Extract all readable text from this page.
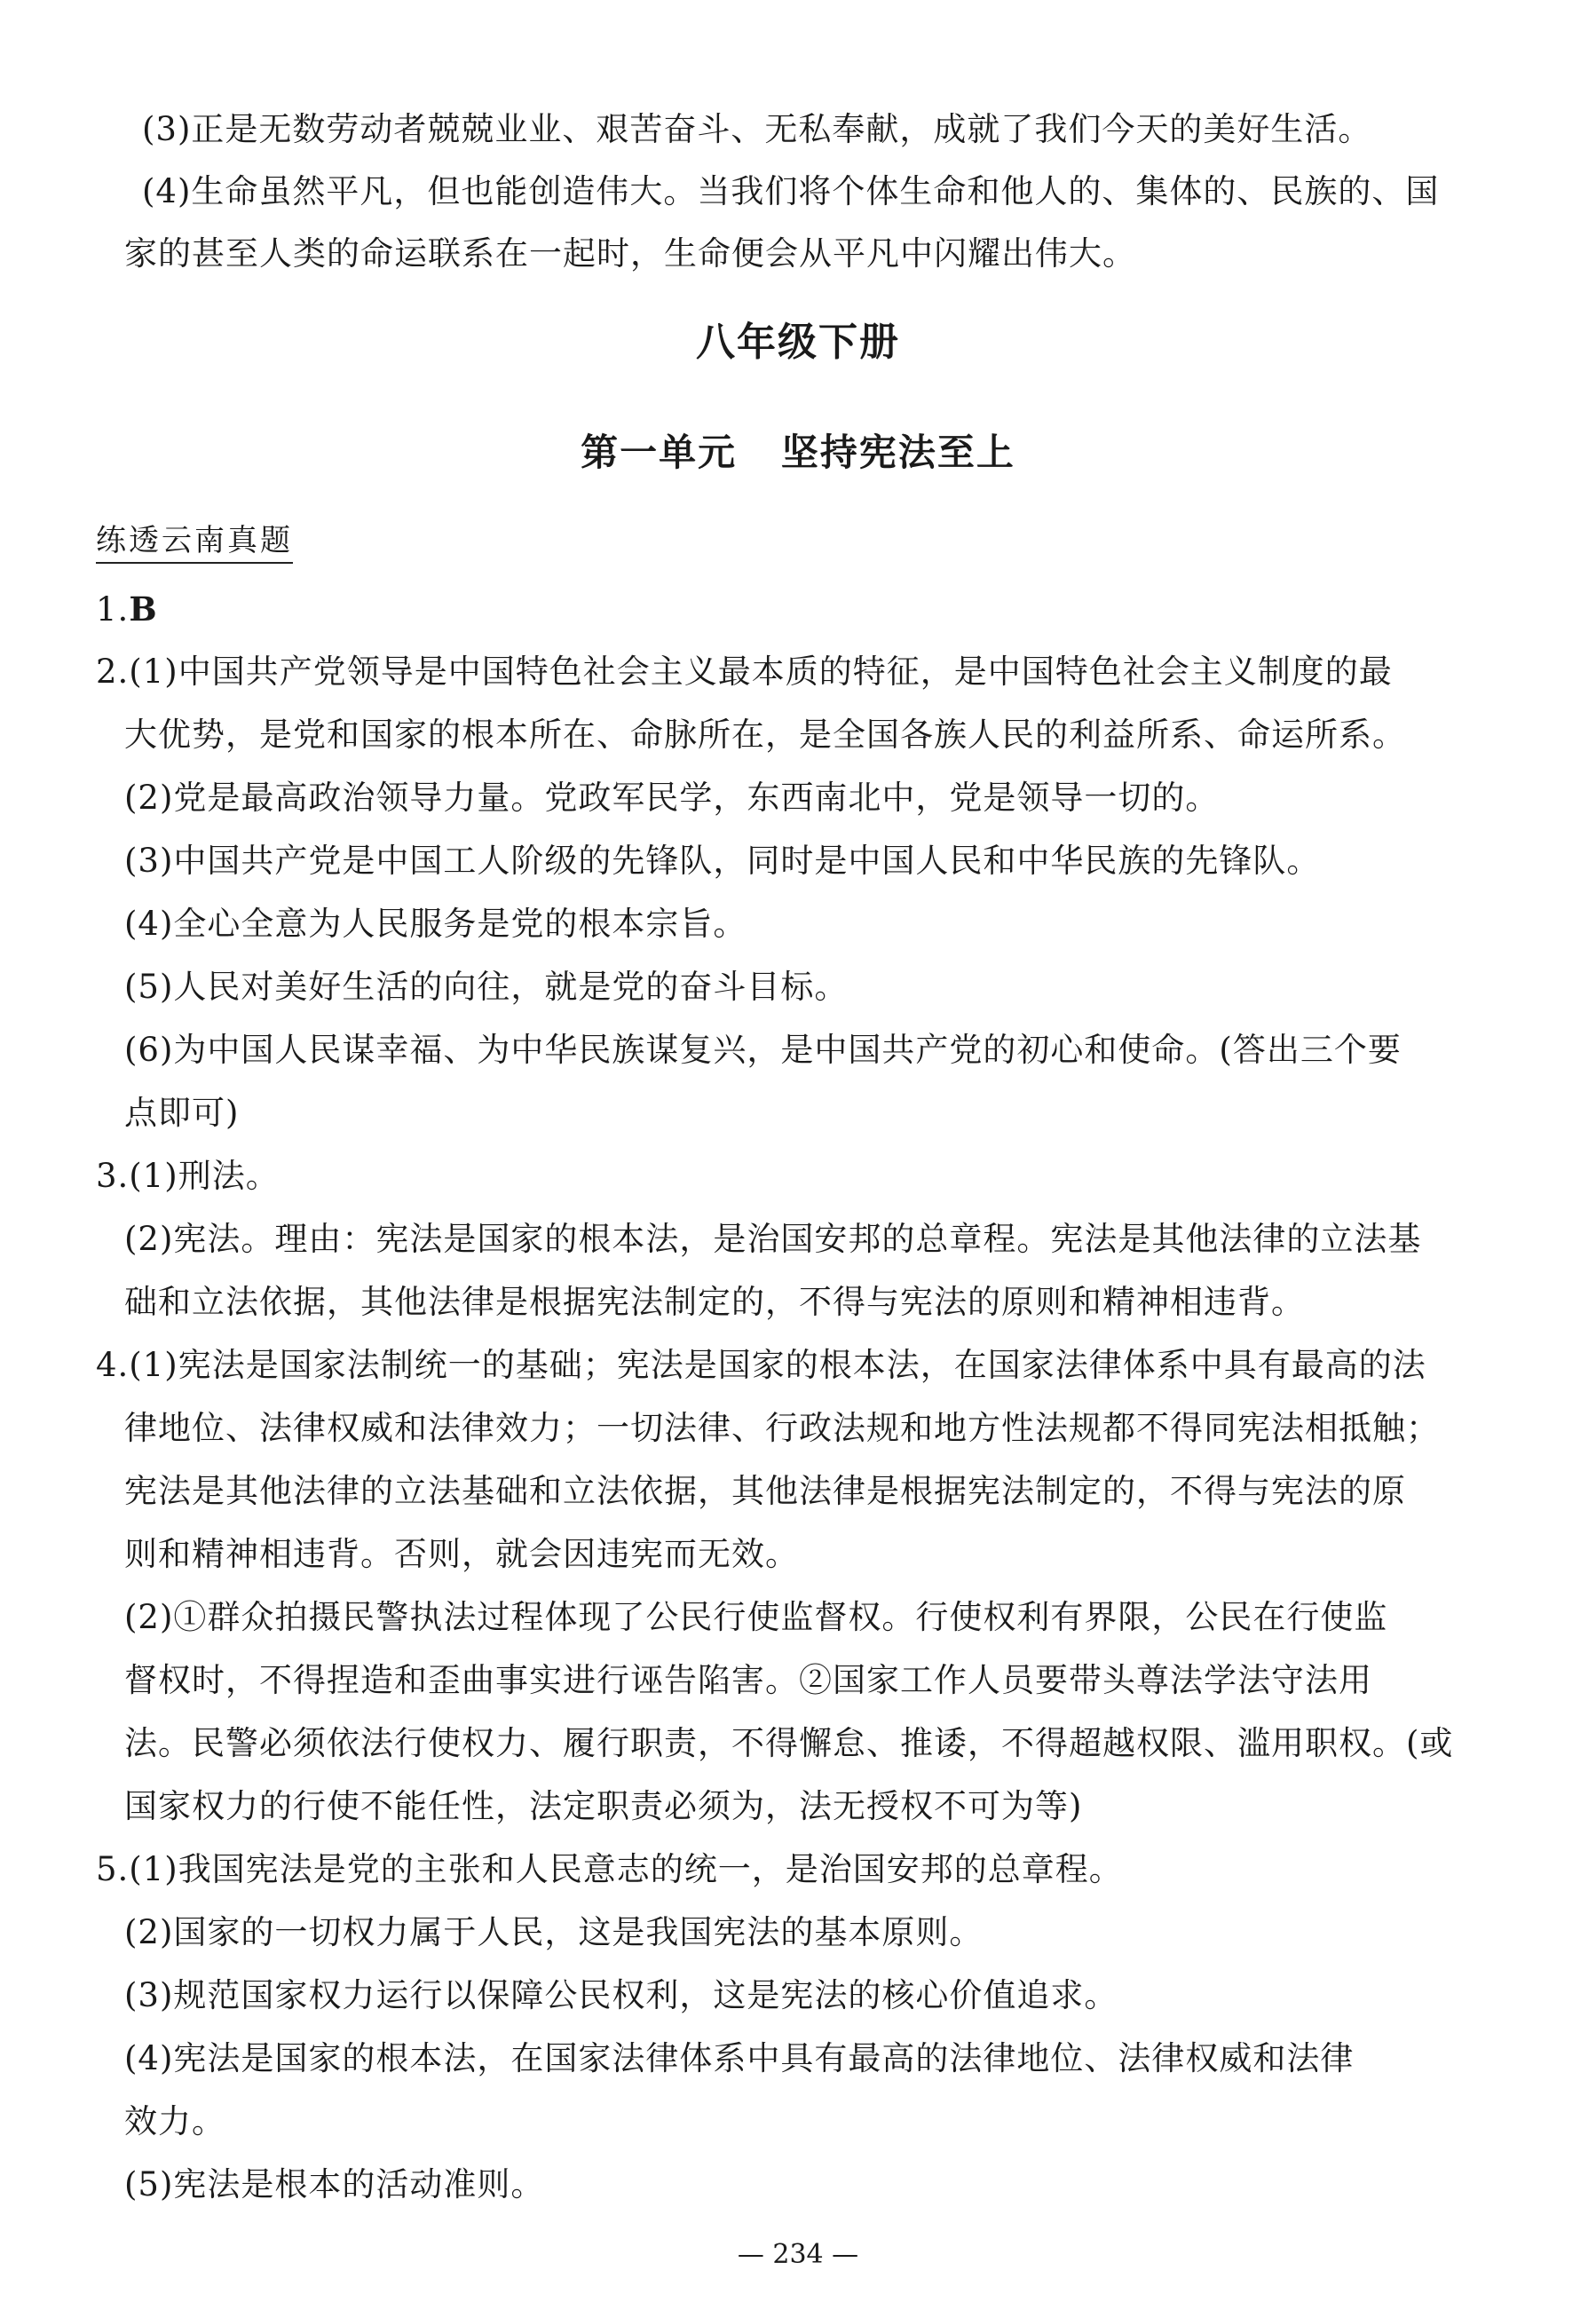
(3)正是无数劳动者兢兢业业、艰苦奋斗、无私奉献，成就了我们今天的美好生活。
(4)生命虽然平凡，但也能创造伟大。当我们将个体生命和他人的、集体的、民族的、国
家的甚至人类的命运联系在一起时，生命便会从平凡中闪耀出伟大。
八年级下册
第一单元   坚持宪法至上
练透云南真题
1.B
2.(1)中国共产党领导是中国特色社会主义最本质的特征，是中国特色社会主义制度的最
大优势，是党和国家的根本所在、命脉所在，是全国各族人民的利益所系、命运所系。
(2)党是最高政治领导力量。党政军民学，东西南北中，党是领导一切的。
(3)中国共产党是中国工人阶级的先锋队，同时是中国人民和中华民族的先锋队。
(4)全心全意为人民服务是党的根本宗旨。
(5)人民对美好生活的向往，就是党的奋斗目标。
(6)为中国人民谋幸福、为中华民族谋复兴，是中国共产党的初心和使命。(答出三个要
点即可)
3.(1)刑法。
(2)宪法。理由：宪法是国家的根本法，是治国安邦的总章程。宪法是其他法律的立法基
础和立法依据，其他法律是根据宪法制定的，不得与宪法的原则和精神相违背。
4.(1)宪法是国家法制统一的基础；宪法是国家的根本法，在国家法律体系中具有最高的法
律地位、法律权威和法律效力；一切法律、行政法规和地方性法规都不得同宪法相抵触；
宪法是其他法律的立法基础和立法依据，其他法律是根据宪法制定的，不得与宪法的原
则和精神相违背。否则，就会因违宪而无效。
(2)①群众拍摄民警执法过程体现了公民行使监督权。行使权利有界限，公民在行使监
督权时，不得捏造和歪曲事实进行诬告陷害。②国家工作人员要带头尊法学法守法用
法。民警必须依法行使权力、履行职责，不得懈怠、推诿，不得超越权限、滥用职权。(或
国家权力的行使不能任性，法定职责必须为，法无授权不可为等)
5.(1)我国宪法是党的主张和人民意志的统一，是治国安邦的总章程。
(2)国家的一切权力属于人民，这是我国宪法的基本原则。
(3)规范国家权力运行以保障公民权利，这是宪法的核心价值追求。
(4)宪法是国家的根本法，在国家法律体系中具有最高的法律地位、法律权威和法律
效力。
(5)宪法是根本的活动准则。
— 234 —
